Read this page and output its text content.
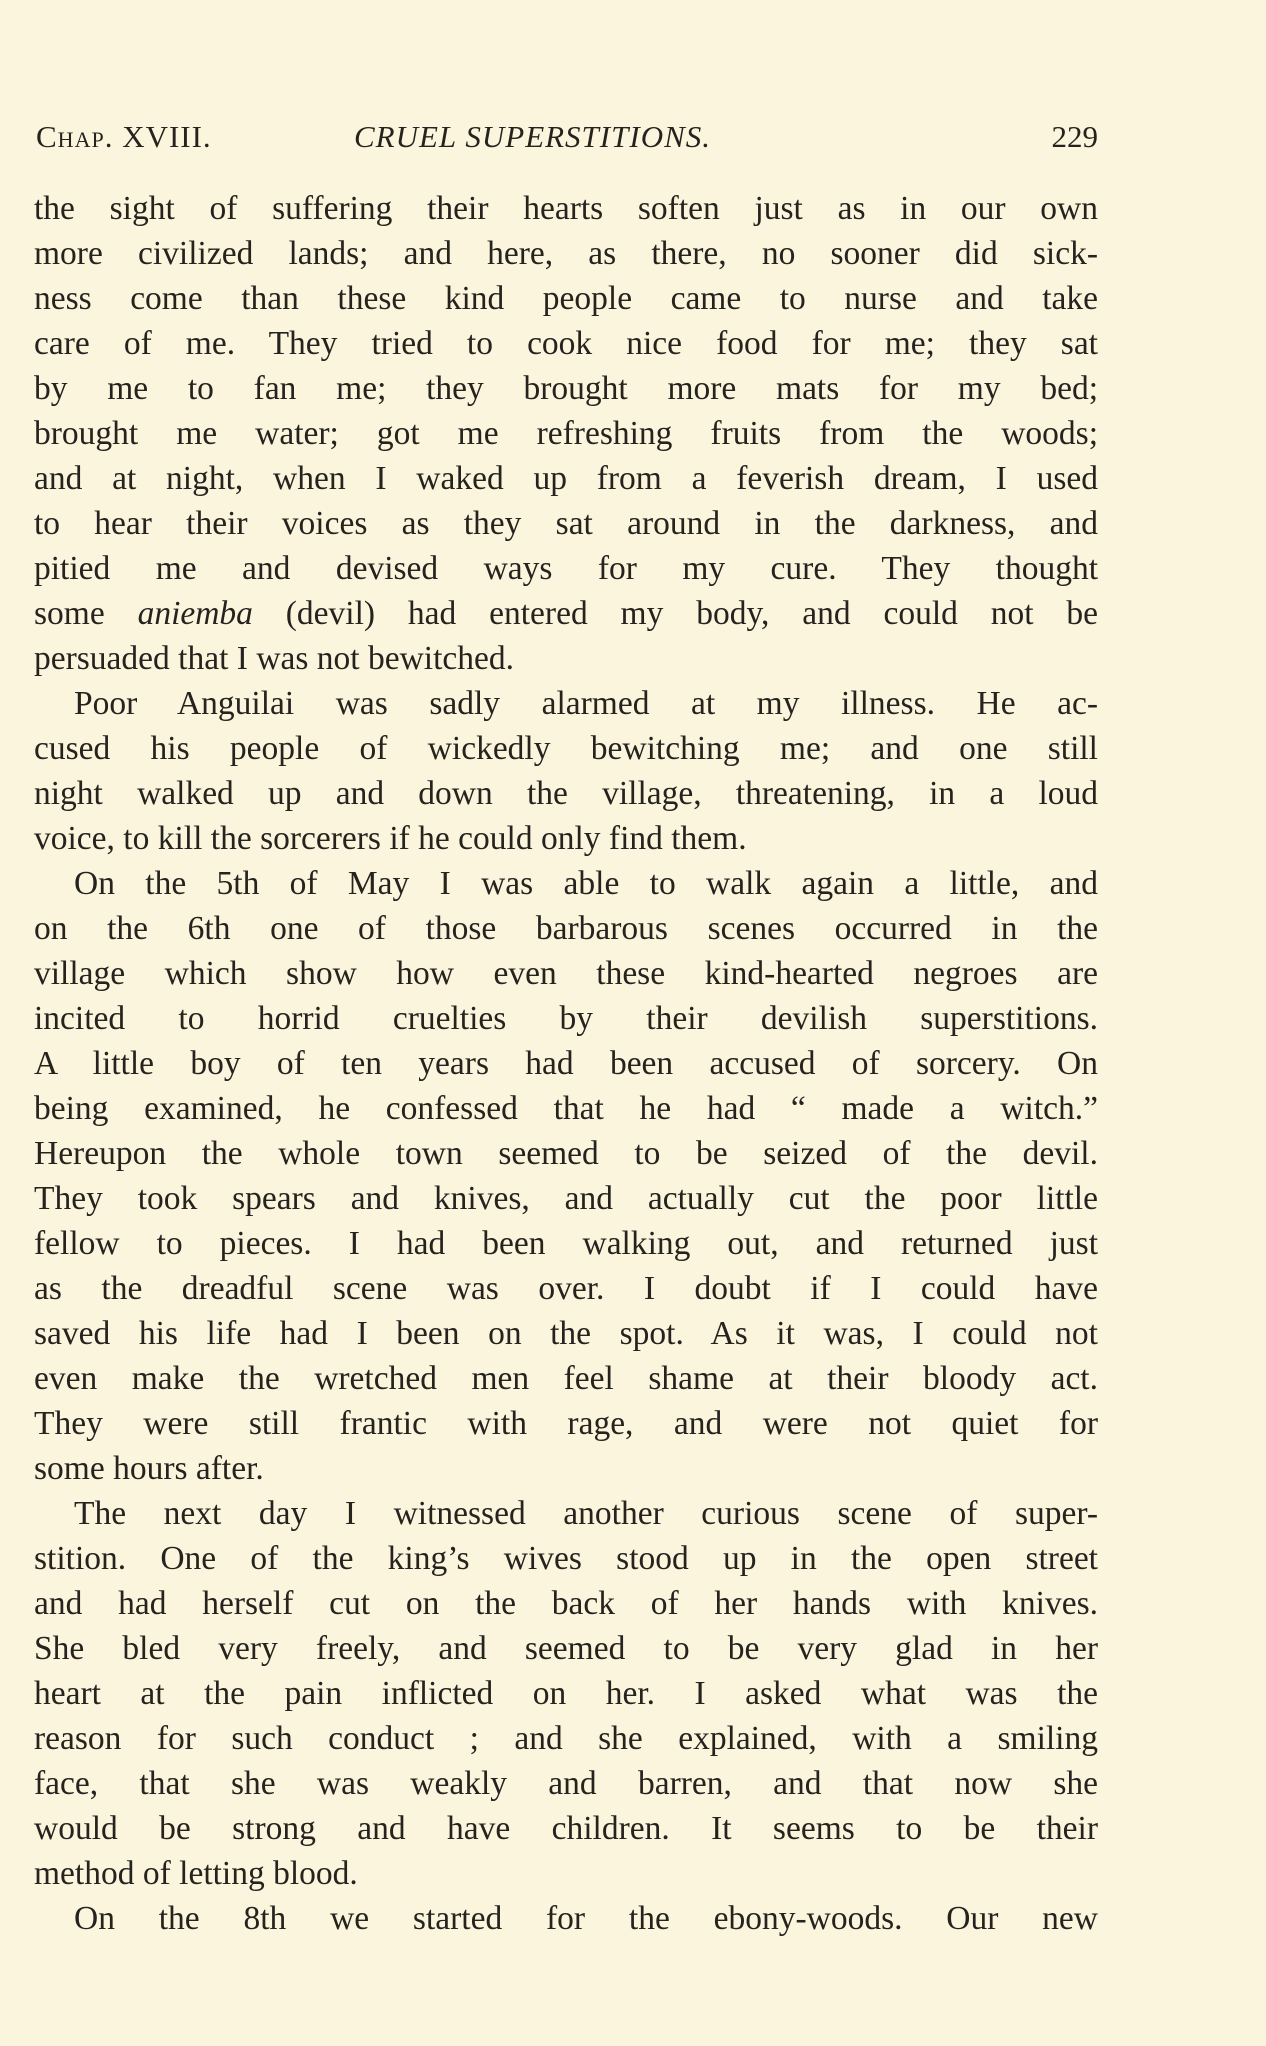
Chap. XVIII.	CRUEL SUPERSTITIONS.	229
the sight of suffering their hearts soften just as in our own
more civilized lands; and here, as there, no sooner did sick-
ness come than these kind people came to nurse and take
care of me. They tried to cook nice food for me; they sat
by me to fan me; they brought more mats for my bed;
brought me water; got me refreshing fruits from the woods;
and at night, when I waked up from a feverish dream, I used
to hear their voices as they sat around in the darkness, and
pitied me and devised ways for my cure. They thought
some aniemba (devil) had entered my body, and could not be
persuaded that I was not bewitched.
Poor Anguilai was sadly alarmed at my illness. He ac-
cused his people of wickedly bewitching me; and one still
night walked up and down the village, threatening, in a loud
voice, to kill the sorcerers if he could only find them.
On the 5th of May I was able to walk again a little, and
on the 6th one of those barbarous scenes occurred in the
village which show how even these kind-hearted negroes are
incited to horrid cruelties by their devilish superstitions.
A little boy of ten years had been accused of sorcery. On
being examined, he confessed that he had “ made a witch.”
Hereupon the whole town seemed to be seized of the devil.
They took spears and knives, and actually cut the poor little
fellow to pieces. I had been walking out, and returned just
as the dreadful scene was over. I doubt if I could have
saved his life had I been on the spot. As it was, I could not
even make the wretched men feel shame at their bloody act.
They were still frantic with rage, and were not quiet for
some hours after.
The next day I witnessed another curious scene of super-
stition. One of the king’s wives stood up in the open street
and had herself cut on the back of her hands with knives.
She bled very freely, and seemed to be very glad in her
heart at the pain inflicted on her. I asked what was the
reason for such conduct ; and she explained, with a smiling
face, that she was weakly and barren, and that now she
would be strong and have children. It seems to be their
method of letting blood.
On the 8th we started for the ebony-woods. Our new
